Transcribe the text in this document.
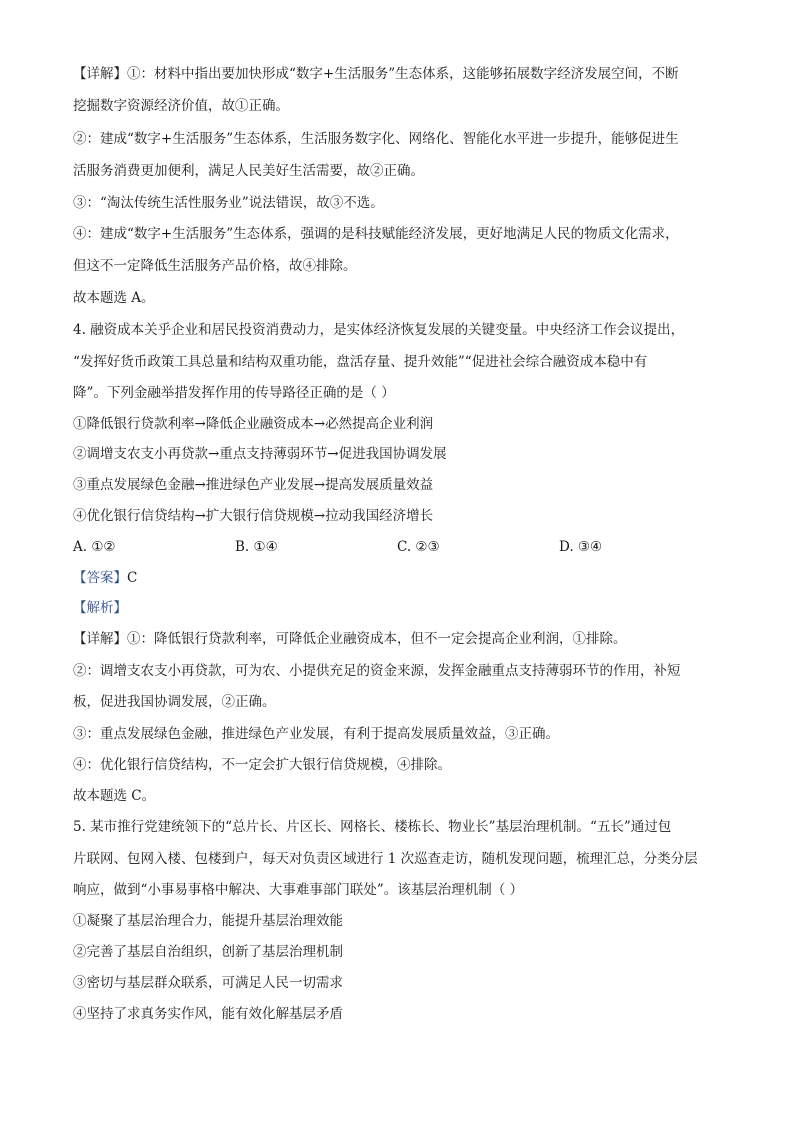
【详解】①：材料中指出要加快形成“数字+生活服务”生态体系，这能够拓展数字经济发展空间，不断
挖掘数字资源经济价值，故①正确。
②：建成“数字+生活服务”生态体系，生活服务数字化、网络化、智能化水平进一步提升，能够促进生
活服务消费更加便利，满足人民美好生活需要，故②正确。
③：“淘汰传统生活性服务业”说法错误，故③不选。
④：建成“数字+生活服务”生态体系，强调的是科技赋能经济发展，更好地满足人民的物质文化需求，
但这不一定降低生活服务产品价格，故④排除。
故本题选 A。
4. 融资成本关乎企业和居民投资消费动力，是实体经济恢复发展的关键变量。中央经济工作会议提出，
“发挥好货币政策工具总量和结构双重功能，盘活存量、提升效能”“促进社会综合融资成本稳中有
降”。下列金融举措发挥作用的传导路径正确的是（ ）
①降低银行贷款利率→降低企业融资成本→必然提高企业利润
②调增支农支小再贷款→重点支持薄弱环节→促进我国协调发展
③重点发展绿色金融→推进绿色产业发展→提高发展质量效益
④优化银行信贷结构→扩大银行信贷规模→拉动我国经济增长
A. ①②	B. ①④	C. ②③	D. ③④
【答案】C
【解析】
【详解】①：降低银行贷款利率，可降低企业融资成本，但不一定会提高企业利润，①排除。
②：调增支农支小再贷款，可为农、小提供充足的资金来源，发挥金融重点支持薄弱环节的作用，补短
板，促进我国协调发展，②正确。
③：重点发展绿色金融，推进绿色产业发展，有利于提高发展质量效益，③正确。
④：优化银行信贷结构，不一定会扩大银行信贷规模，④排除。
故本题选 C。
5. 某市推行党建统领下的“总片长、片区长、网格长、楼栋长、物业长”基层治理机制。“五长”通过包
片联网、包网入楼、包楼到户，每天对负责区域进行 1 次巡查走访，随机发现问题，梳理汇总，分类分层
响应，做到“小事易事格中解决、大事难事部门联处”。该基层治理机制（ ）
①凝聚了基层治理合力，能提升基层治理效能
②完善了基层自治组织，创新了基层治理机制
③密切与基层群众联系，可满足人民一切需求
④坚持了求真务实作风，能有效化解基层矛盾
